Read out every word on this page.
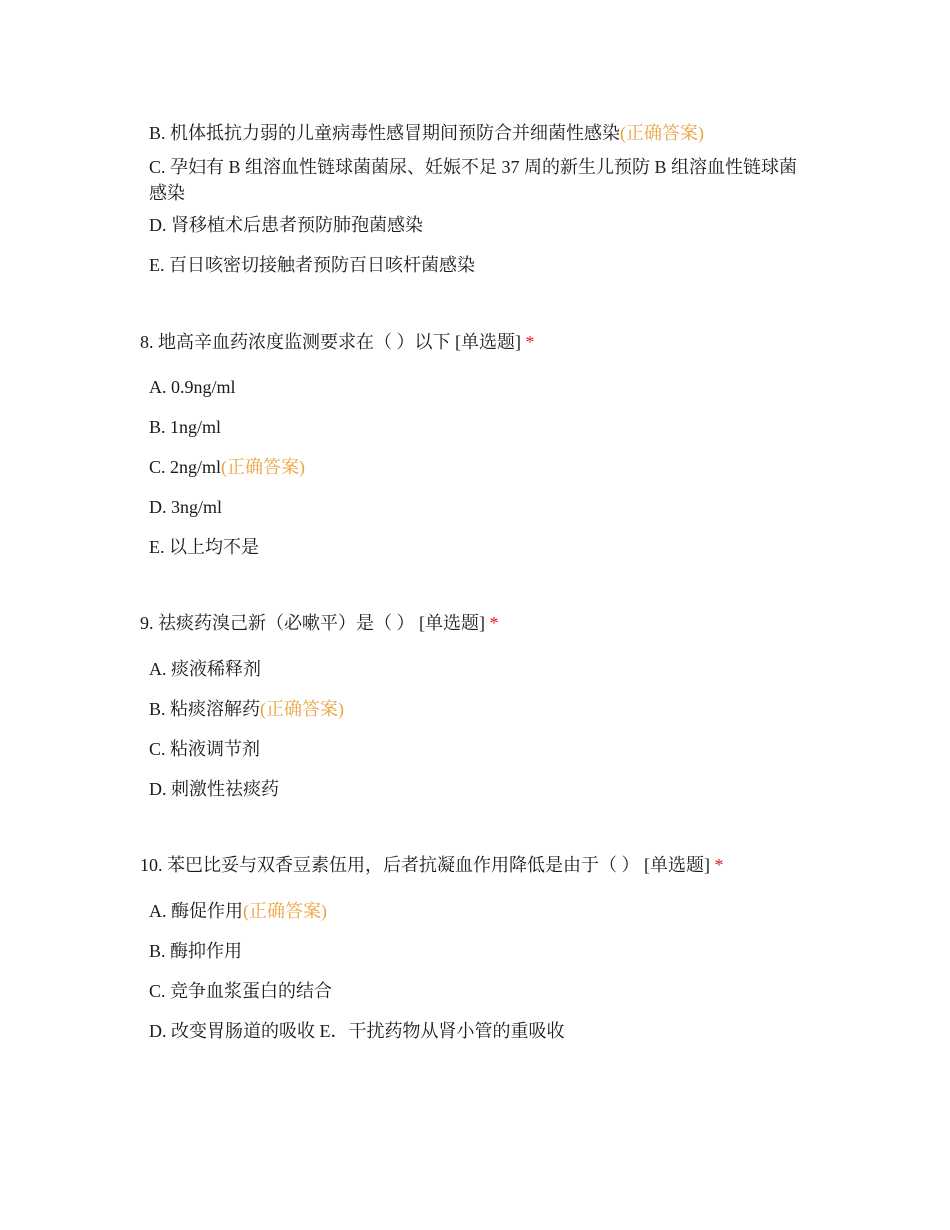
B. 机体抵抗力弱的儿童病毒性感冒期间预防合并细菌性感染(正确答案)
C. 孕妇有 B 组溶血性链球菌菌尿、妊娠不足 37 周的新生儿预防 B 组溶血性链球菌感染
D. 肾移植术后患者预防肺孢菌感染
E. 百日咳密切接触者预防百日咳杆菌感染
8. 地高辛血药浓度监测要求在（ ）以下 [单选题] *
A. 0.9ng/ml
B. 1ng/ml
C. 2ng/ml(正确答案)
D. 3ng/ml
E. 以上均不是
9. 祛痰药溴己新（必嗽平）是（ ） [单选题] *
A. 痰液稀释剂
B. 粘痰溶解药(正确答案)
C. 粘液调节剂
D. 刺激性祛痰药
10. 苯巴比妥与双香豆素伍用，后者抗凝血作用降低是由于（ ） [单选题] *
A. 酶促作用(正确答案)
B. 酶抑作用
C. 竞争血浆蛋白的结合
D. 改变胃肠道的吸收 E．干扰药物从肾小管的重吸收
